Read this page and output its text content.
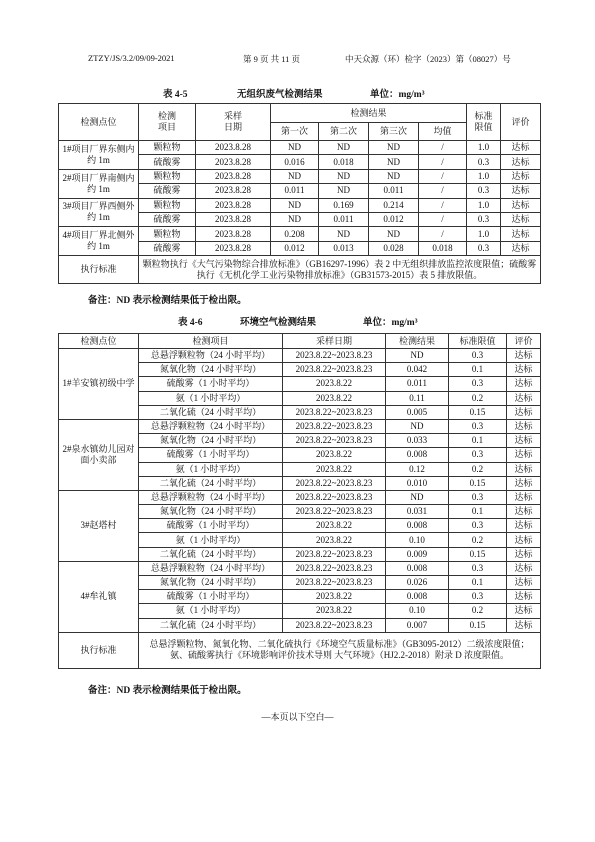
ZTZY/JS/3.2/09/09-2021	第 9 页 共 11 页	中天众源（环）检字（2023）第（08027）号
表 4-5	无组织废气检测结果	单位：mg/m³
检测点位	检测项目	采样日期	检测结果				标准限值	评价
			第一次	第二次	第三次	均值		
1#项目厂界东侧内约 1m	颗粒物	2023.8.28	ND	ND	ND	/	1.0	达标
	硫酸雾	2023.8.28	0.016	0.018	ND	/	0.3	达标
2#项目厂界南侧内约 1m	颗粒物	2023.8.28	ND	ND	ND	/	1.0	达标
	硫酸雾	2023.8.28	0.011	ND	0.011	/	0.3	达标
3#项目厂界西侧外约 1m	颗粒物	2023.8.28	ND	0.169	0.214	/	1.0	达标
	硫酸雾	2023.8.28	ND	0.011	0.012	/	0.3	达标
4#项目厂界北侧外约 1m	颗粒物	2023.8.28	0.208	ND	ND	/	1.0	达标
	硫酸雾	2023.8.28	0.012	0.013	0.028	0.018	0.3	达标
执行标准	颗粒物执行《大气污染物综合排放标准》（GB16297-1996）表 2 中无组织排放监控浓度限值；硫酸雾执行《无机化学工业污染物排放标准》（GB31573-2015）表 5 排放限值。							
备注：ND 表示检测结果低于检出限。
表 4-6	环境空气检测结果	单位：mg/m³
检测点位	检测项目	采样日期	检测结果	标准限值	评价
1#羊安镇初级中学	总悬浮颗粒物（24 小时平均）	2023.8.22~2023.8.23	ND	0.3	达标
	氮氧化物（24 小时平均）	2023.8.22~2023.8.23	0.042	0.1	达标
	硫酸雾（1 小时平均）	2023.8.22	0.011	0.3	达标
	氨（1 小时平均）	2023.8.22	0.11	0.2	达标
	二氧化硫（24 小时平均）	2023.8.22~2023.8.23	0.005	0.15	达标
2#泉水镇幼儿园对面小卖部	总悬浮颗粒物（24 小时平均）	2023.8.22~2023.8.23	ND	0.3	达标
	氮氧化物（24 小时平均）	2023.8.22~2023.8.23	0.033	0.1	达标
	硫酸雾（1 小时平均）	2023.8.22	0.008	0.3	达标
	氨（1 小时平均）	2023.8.22	0.12	0.2	达标
	二氧化硫（24 小时平均）	2023.8.22~2023.8.23	0.010	0.15	达标
3#赵塔村	总悬浮颗粒物（24 小时平均）	2023.8.22~2023.8.23	ND	0.3	达标
	氮氧化物（24 小时平均）	2023.8.22~2023.8.23	0.031	0.1	达标
	硫酸雾（1 小时平均）	2023.8.22	0.008	0.3	达标
	氨（1 小时平均）	2023.8.22	0.10	0.2	达标
	二氧化硫（24 小时平均）	2023.8.22~2023.8.23	0.009	0.15	达标
4#牟礼镇	总悬浮颗粒物（24 小时平均）	2023.8.22~2023.8.23	0.008	0.3	达标
	氮氧化物（24 小时平均）	2023.8.22~2023.8.23	0.026	0.1	达标
	硫酸雾（1 小时平均）	2023.8.22	0.008	0.3	达标
	氨（1 小时平均）	2023.8.22	0.10	0.2	达标
	二氧化硫（24 小时平均）	2023.8.22~2023.8.23	0.007	0.15	达标
执行标准	总悬浮颗粒物、氮氧化物、二氧化硫执行《环境空气质量标准》（GB3095-2012）二级浓度限值；氨、硫酸雾执行《环境影响评价技术导则 大气环境》（HJ2.2-2018）附录 D 浓度限值。				
备注：ND 表示检测结果低于检出限。
—本页以下空白—
